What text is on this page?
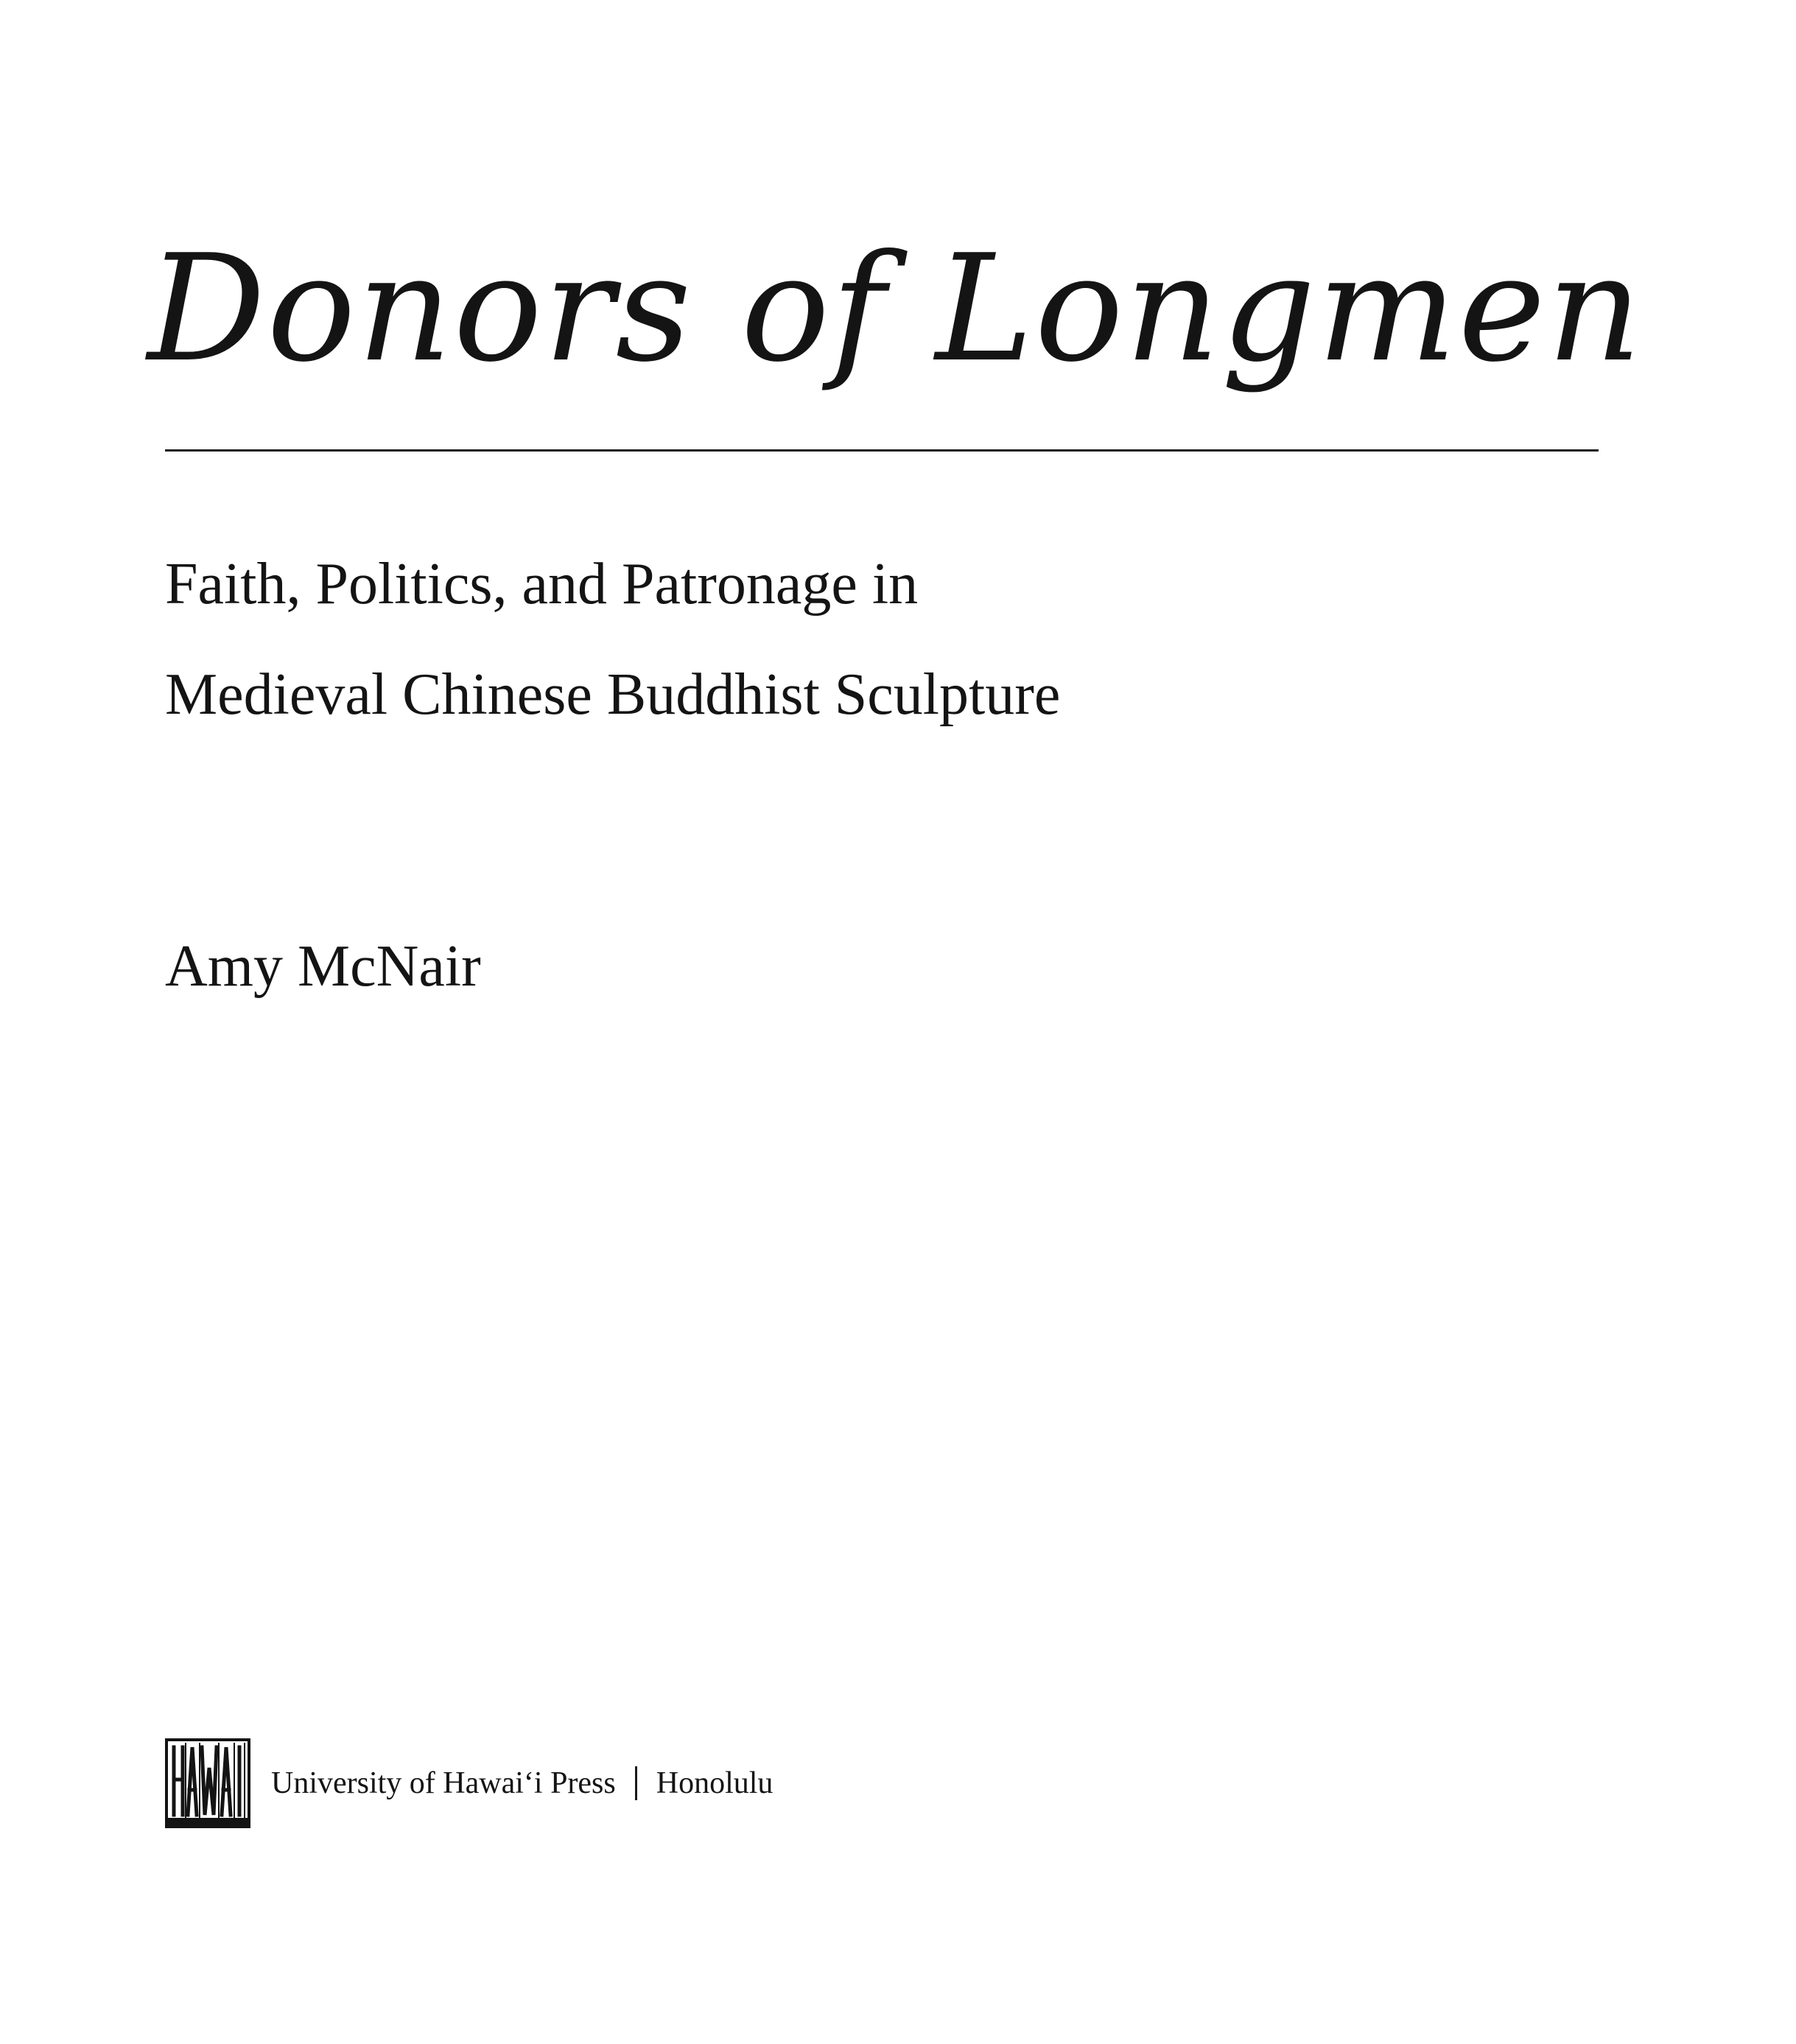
Donors of Longmen

Faith, Politics, and Patronage in

Medieval Chinese Buddhist Sculpture

Amy McNair

University of Hawai‘i Press Honolulu
